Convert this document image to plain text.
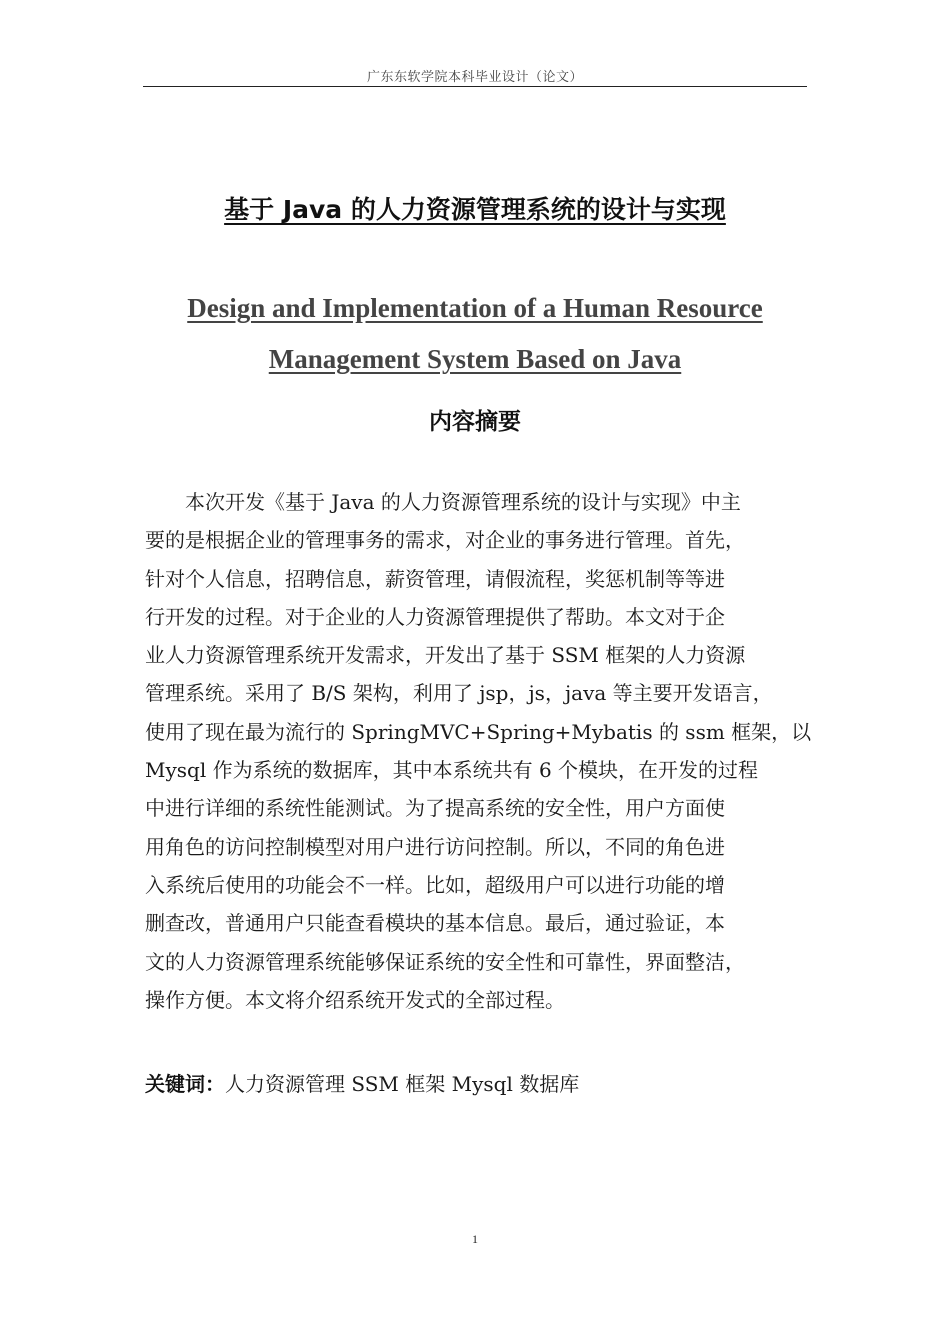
广东东软学院本科毕业设计（论文）
基于 Java 的人力资源管理系统的设计与实现
Design and Implementation of a Human Resource
Management System Based on Java
内容摘要
本次开发《基于 Java 的人力资源管理系统的设计与实现》中主
要的是根据企业的管理事务的需求，对企业的事务进行管理。首先，
针对个人信息，招聘信息，薪资管理，请假流程，奖惩机制等等进
行开发的过程。对于企业的人力资源管理提供了帮助。本文对于企
业人力资源管理系统开发需求，开发出了基于 SSM 框架的人力资源
管理系统。采用了 B/S 架构，利用了 jsp，js，java 等主要开发语言，
使用了现在最为流行的 SpringMVC+Spring+Mybatis 的 ssm 框架，以
Mysql 作为系统的数据库，其中本系统共有 6 个模块，在开发的过程
中进行详细的系统性能测试。为了提高系统的安全性，用户方面使
用角色的访问控制模型对用户进行访问控制。所以，不同的角色进
入系统后使用的功能会不一样。比如，超级用户可以进行功能的增
删查改，普通用户只能查看模块的基本信息。最后，通过验证，本
文的人力资源管理系统能够保证系统的安全性和可靠性，界面整洁，
操作方便。本文将介绍系统开发式的全部过程。
关键词：人力资源管理 SSM 框架 Mysql 数据库
1
